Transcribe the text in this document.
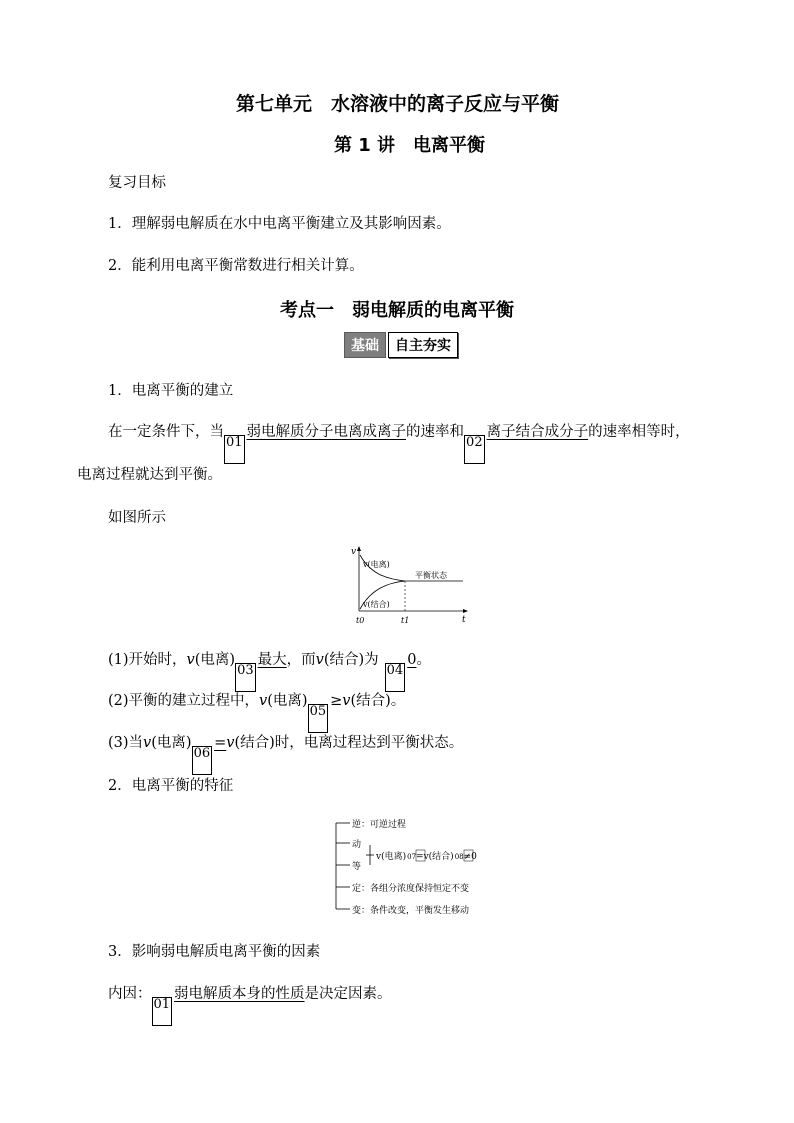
第七单元　水溶液中的离子反应与平衡
第 1 讲　电离平衡
复习目标
1．理解弱电解质在水中电离平衡建立及其影响因素。
2．能利用电离平衡常数进行相关计算。
考点一　弱电解质的电离平衡
基础 自主夯实
1．电离平衡的建立
在一定条件下，当01弱电解质分子电离成离子的速率和02离子结合成分子的速率相等时，
电离过程就达到平衡。
如图所示
v
t
t0	t1
v(电离)
v(结合)
平衡状态
(1)开始时，v(电离)03最大，而v(结合)为040。
(2)平衡的建立过程中，v(电离)05≥v(结合)。
(3)当v(电离)06=v(结合)时，电离过程达到平衡状态。
2．电离平衡的特征
逆：可逆过程
动
等
v(电离)07=v(结合)08≠0
定：各组分浓度保持恒定不变
变：条件改变，平衡发生移动
3．影响弱电解质电离平衡的因素
内因：01弱电解质本身的性质是决定因素。
